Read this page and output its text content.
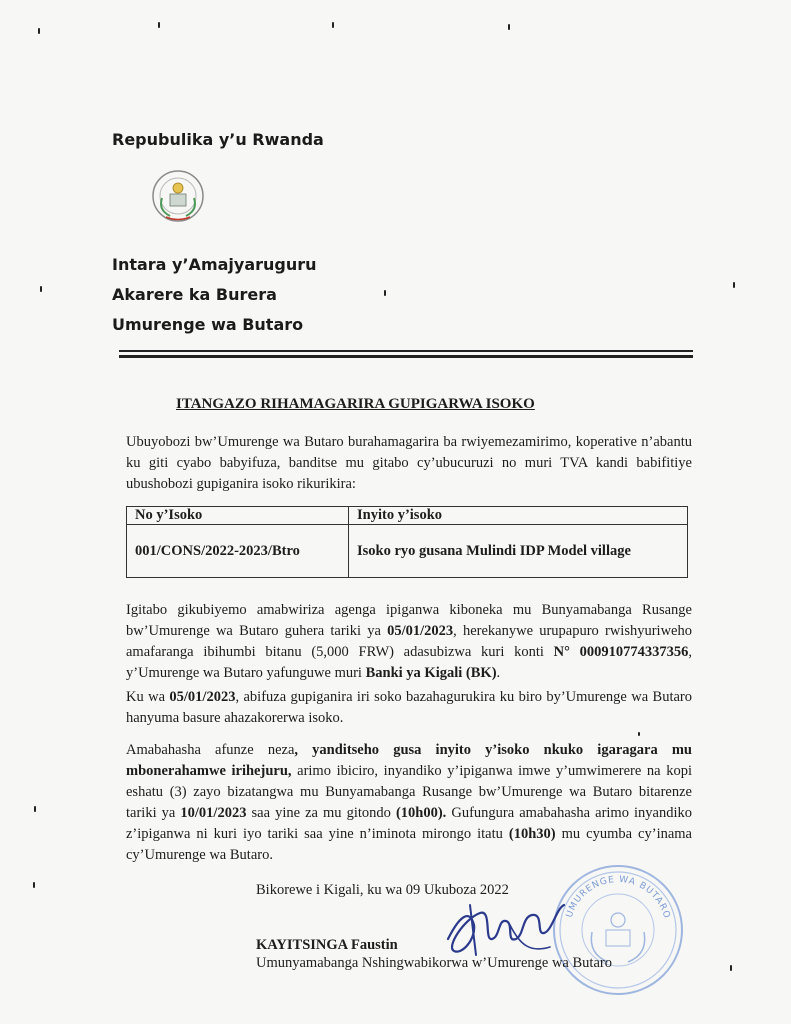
Repubulika y’u Rwanda
Intara y’Amajyaruguru
Akarere ka Burera
Umurenge wa Butaro
ITANGAZO RIHAMAGARIRA GUPIGARWA ISOKO

Ubuyobozi bw’Umurenge wa Butaro burahamagarira ba rwiyemezamirimo, koperative n’abantu ku giti cyabo babyifuza, banditse mu gitabo cy’ubucuruzi no muri TVA kandi babifitiye ubushobozi gupiganira isoko rikurikira:

No y’Isoko	Inyito y’isoko
001/CONS/2022-2023/Btro	Isoko ryo gusana Mulindi IDP Model village

Igitabo gikubiyemo amabwiriza agenga ipiganwa kiboneka mu Bunyamabanga Rusange bw’Umurenge wa Butaro guhera tariki ya 05/01/2023, herekanywe urupapuro rwishyuriweho amafaranga ibihumbi bitanu (5,000 FRW) adasubizwa kuri konti N° 000910774337356, y’Umurenge wa Butaro yafunguwe muri Banki ya Kigali (BK).

Ku wa 05/01/2023, abifuza gupiganira iri soko bazahagurukira ku biro by’Umurenge wa Butaro hanyuma basure ahazakorerwa isoko.

Amabahasha afunze neza, yanditseho gusa inyito y’isoko nkuko igaragara mu mbonerahamwe irihejuru, arimo ibiciro, inyandiko y’ipiganwa imwe y’umwimerere na kopi eshatu (3) zayo bizatangwa mu Bunyamabanga Rusange bw’Umurenge wa Butaro bitarenze tariki ya 10/01/2023 saa yine za mu gitondo (10h00). Gufungura amabahasha arimo inyandiko z’ipiganwa ni kuri iyo tariki saa yine n’iminota mirongo itatu (10h30) mu cyumba cy’inama cy’Umurenge wa Butaro.

UMURENGE WA BUTARO
Bikorewe i Kigali, ku wa 09 Ukuboza 2022
KAYITSINGA Faustin
Umunyamabanga Nshingwabikorwa w’Umurenge wa Butaro
